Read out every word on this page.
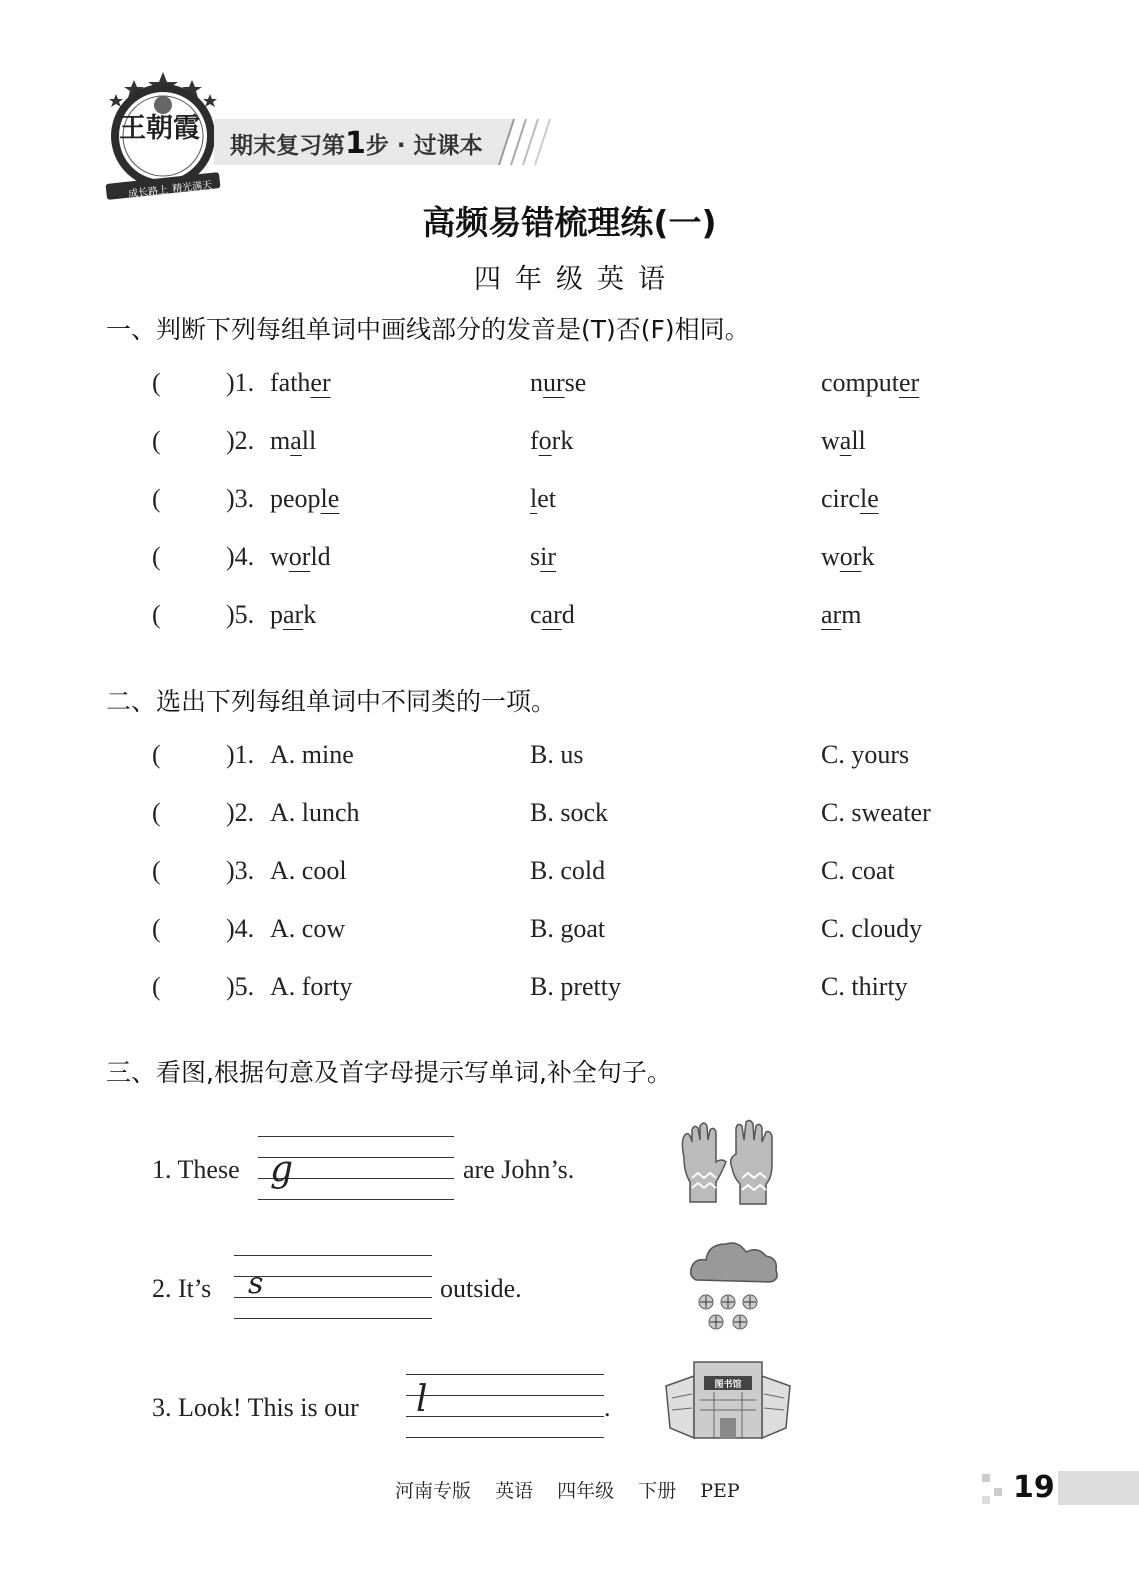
王朝霞
成长路上 精光满天
期末复习第1步 · 过课本
高频易错梳理练(一)
四年级英语
一、判断下列每组单词中画线部分的发音是(T)否(F)相同。
(	)1. father	nurse	computer
(	)2. mall	fork	wall
(	)3. people	let	circle
(	)4. world	sir	work
(	)5. park	card	arm
二、选出下列每组单词中不同类的一项。
(	)1. A. mine	B. us	C. yours
(	)2. A. lunch	B. sock	C. sweater
(	)3. A. cool	B. cold	C. coat
(	)4. A. cow	B. goat	C. cloudy
(	)5. A. forty	B. pretty	C. thirty
三、看图,根据句意及首字母提示写单词,补全句子。
1. These g	are John’s.
2. It’s s	outside.
3. Look! This is our l	.
图书馆
河南专版 英语 四年级 下册 PEP	19
